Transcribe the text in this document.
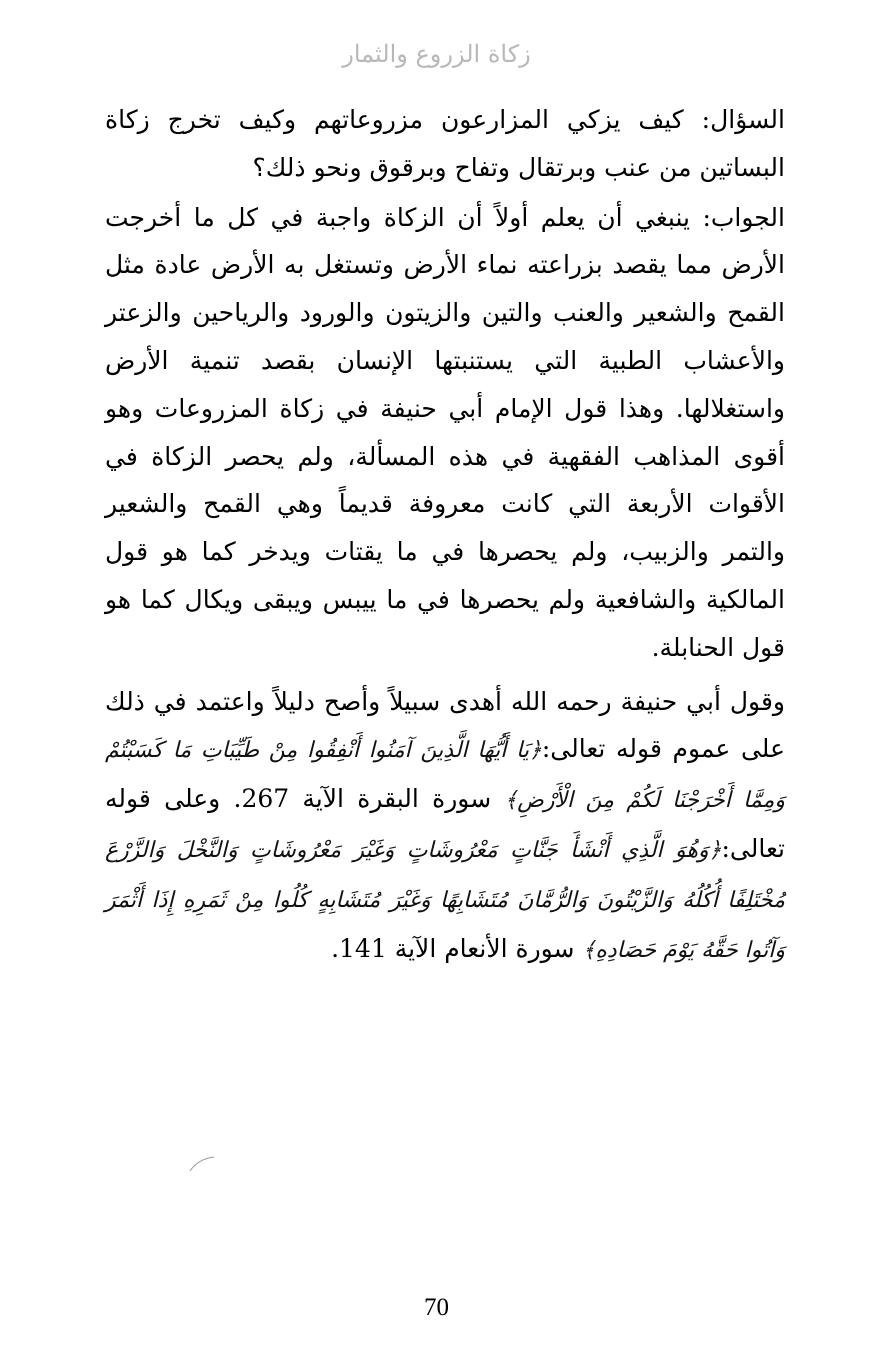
زكاة الزروع والثمار

السؤال: كيف يزكي المزارعون مزروعاتهم وكيف تخرج زكاة البساتين من عنب وبرتقال وتفاح وبرقوق ونحو ذلك؟

الجواب: ينبغي أن يعلم أولاً أن الزكاة واجبة في كل ما أخرجت الأرض مما يقصد بزراعته نماء الأرض وتستغل به الأرض عادة مثل القمح والشعير والعنب والتين والزيتون والورود والرياحين والزعتر والأعشاب الطبية التي يستنبتها الإنسان بقصد تنمية الأرض واستغلالها. وهذا قول الإمام أبي حنيفة في زكاة المزروعات وهو أقوى المذاهب الفقهية في هذه المسألة، ولم يحصر الزكاة في الأقوات الأربعة التي كانت معروفة قديماً وهي القمح والشعير والتمر والزبيب، ولم يحصرها في ما يقتات ويدخر كما هو قول المالكية والشافعية ولم يحصرها في ما ييبس ويبقى ويكال كما هو قول الحنابلة.

وقول أبي حنيفة رحمه الله أهدى سبيلاً وأصح دليلاً واعتمد في ذلك على عموم قوله تعالى:﴿يَا أَيُّهَا الَّذِينَ آمَنُوا أَنْفِقُوا مِنْ طَيِّبَاتِ مَا كَسَبْتُمْ وَمِمَّا أَخْرَجْنَا لَكُمْ مِنَ الْأَرْضِ﴾ سورة البقرة الآية 267. وعلى قوله تعالى:﴿وَهُوَ الَّذِي أَنْشَأَ جَنَّاتٍ مَعْرُوشَاتٍ وَغَيْرَ مَعْرُوشَاتٍ وَالنَّخْلَ وَالزَّرْعَ مُخْتَلِفًا أُكُلُهُ وَالزَّيْتُونَ وَالرُّمَّانَ مُتَشَابِهًا وَغَيْرَ مُتَشَابِهٍ كُلُوا مِنْ ثَمَرِهِ إِذَا أَثْمَرَ وَآتُوا حَقَّهُ يَوْمَ حَصَادِهِ﴾ سورة الأنعام الآية 141.

70
